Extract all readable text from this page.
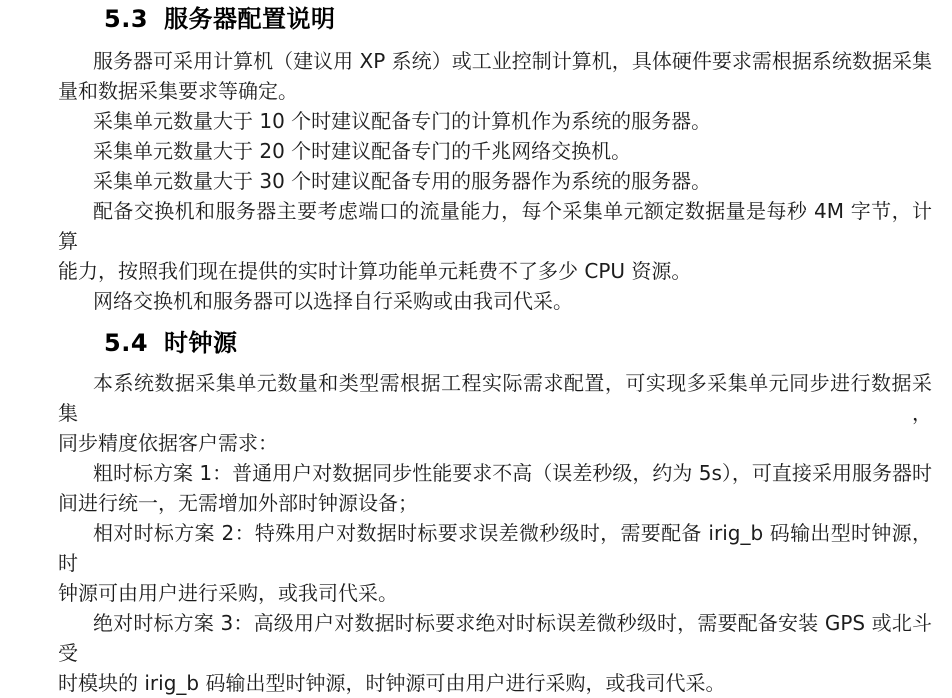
5.3 服务器配置说明
服务器可采用计算机（建议用 XP 系统）或工业控制计算机，具体硬件要求需根据系统数据采集
量和数据采集要求等确定。
采集单元数量大于 10 个时建议配备专门的计算机作为系统的服务器。
采集单元数量大于 20 个时建议配备专门的千兆网络交换机。
采集单元数量大于 30 个时建议配备专用的服务器作为系统的服务器。
配备交换机和服务器主要考虑端口的流量能力，每个采集单元额定数据量是每秒 4M 字节，计算
能力，按照我们现在提供的实时计算功能单元耗费不了多少 CPU 资源。
网络交换机和服务器可以选择自行采购或由我司代采。
5.4 时钟源
本系统数据采集单元数量和类型需根据工程实际需求配置，可实现多采集单元同步进行数据采集，
同步精度依据客户需求：
粗时标方案 1：普通用户对数据同步性能要求不高（误差秒级，约为 5s），可直接采用服务器时
间进行统一，无需增加外部时钟源设备；
相对时标方案 2：特殊用户对数据时标要求误差微秒级时，需要配备 irig_b 码输出型时钟源，时
钟源可由用户进行采购，或我司代采。
绝对时标方案 3：高级用户对数据时标要求绝对时标误差微秒级时，需要配备安装 GPS 或北斗受
时模块的 irig_b 码输出型时钟源，时钟源可由用户进行采购，或我司代采。
